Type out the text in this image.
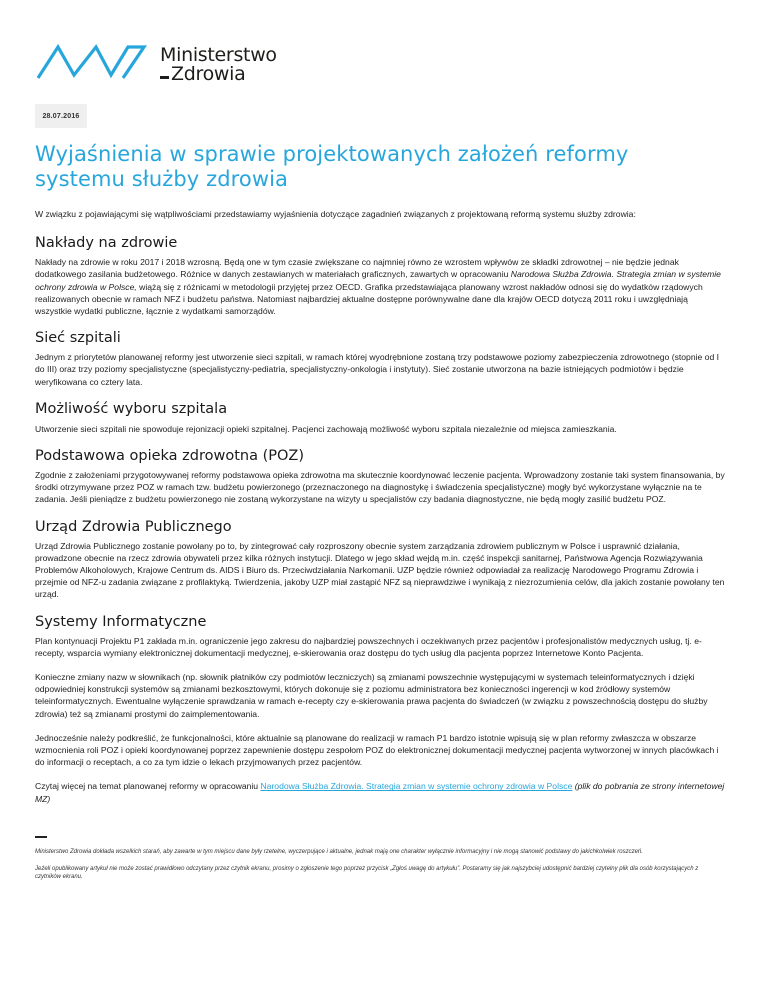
Ministerstwo
Zdrowia
28.07.2016
Wyjaśnienia w sprawie projektowanych założeń reformy systemu służby zdrowia

W związku z pojawiającymi się wątpliwościami przedstawiamy wyjaśnienia dotyczące zagadnień związanych z projektowaną reformą systemu służby zdrowia:

Nakłady na zdrowie

Nakłady na zdrowie w roku 2017 i 2018 wzrosną. Będą one w tym czasie zwiększane co najmniej równo ze wzrostem wpływów ze składki zdrowotnej – nie będzie jednak dodatkowego zasilania budżetowego. Różnice w danych zestawianych w materiałach graficznych, zawartych w opracowaniu Narodowa Służba Zdrowia. Strategia zmian w systemie ochrony zdrowia w Polsce, wiążą się z różnicami w metodologii przyjętej przez OECD. Grafika przedstawiająca planowany wzrost nakładów odnosi się do wydatków rządowych realizowanych obecnie w ramach NFZ i budżetu państwa. Natomiast najbardziej aktualne dostępne porównywalne dane dla krajów OECD dotyczą 2011 roku i uwzględniają wszystkie wydatki publiczne, łącznie z wydatkami samorządów.

Sieć szpitali

Jednym z priorytetów planowanej reformy jest utworzenie sieci szpitali, w ramach której wyodrębnione zostaną trzy podstawowe poziomy zabezpieczenia zdrowotnego (stopnie od I do III) oraz trzy poziomy specjalistyczne (specjalistyczny-pediatria, specjalistyczny-onkologia i instytuty). Sieć zostanie utworzona na bazie istniejących podmiotów i będzie weryfikowana co cztery lata.

Możliwość wyboru szpitala

Utworzenie sieci szpitali nie spowoduje rejonizacji opieki szpitalnej. Pacjenci zachowają możliwość wyboru szpitala niezależnie od miejsca zamieszkania.

Podstawowa opieka zdrowotna (POZ)

Zgodnie z założeniami przygotowywanej reformy podstawowa opieka zdrowotna ma skutecznie koordynować leczenie pacjenta. Wprowadzony zostanie taki system finansowania, by środki otrzymywane przez POZ w ramach tzw. budżetu powierzonego (przeznaczonego na diagnostykę i świadczenia specjalistyczne) mogły być wykorzystane wyłącznie na te zadania. Jeśli pieniądze z budżetu powierzonego nie zostaną wykorzystane na wizyty u specjalistów czy badania diagnostyczne, nie będą mogły zasilić budżetu POZ.

Urząd Zdrowia Publicznego

Urząd Zdrowia Publicznego zostanie powołany po to, by zintegrować cały rozproszony obecnie system zarządzania zdrowiem publicznym w Polsce i usprawnić działania, prowadzone obecnie na rzecz zdrowia obywateli przez kilka różnych instytucji. Dlatego w jego skład wejdą m.in. część inspekcji sanitarnej, Państwowa Agencja Rozwiązywania Problemów Alkoholowych, Krajowe Centrum ds. AIDS i Biuro ds. Przeciwdziałania Narkomanii. UZP będzie również odpowiadał za realizację Narodowego Programu Zdrowia i przejmie od NFZ-u zadania związane z profilaktyką. Twierdzenia, jakoby UZP miał zastąpić NFZ są nieprawdziwe i wynikają z niezrozumienia celów, dla jakich zostanie powołany ten urząd.

Systemy Informatyczne

Plan kontynuacji Projektu P1 zakłada m.in. ograniczenie jego zakresu do najbardziej powszechnych i oczekiwanych przez pacjentów i profesjonalistów medycznych usług, tj. e-recepty, wsparcia wymiany elektronicznej dokumentacji medycznej, e-skierowania oraz dostępu do tych usług dla pacjenta poprzez Internetowe Konto Pacjenta.

Konieczne zmiany nazw w słownikach (np. słownik płatników czy podmiotów leczniczych) są zmianami powszechnie występującymi w systemach teleinformatycznych i dzięki odpowiedniej konstrukcji systemów są zmianami bezkosztowymi, których dokonuje się z poziomu administratora bez konieczności ingerencji w kod źródłowy systemów teleinformatycznych. Ewentualne wyłączenie sprawdzania w ramach e-recepty czy e-skierowania prawa pacjenta do świadczeń (w związku z powszechnością dostępu do służby zdrowia) też są zmianami prostymi do zaimplementowania.

Jednocześnie należy podkreślić, że funkcjonalności, które aktualnie są planowane do realizacji w ramach P1 bardzo istotnie wpisują się w plan reformy zwłaszcza w obszarze wzmocnienia roli POZ i opieki koordynowanej poprzez zapewnienie dostępu zespołom POZ do elektronicznej dokumentacji medycznej pacjenta wytworzonej w innych placówkach i do informacji o receptach, a co za tym idzie o lekach przyjmowanych przez pacjentów.

Czytaj więcej na temat planowanej reformy w opracowaniu Narodowa Służba Zdrowia. Strategia zmian w systemie ochrony zdrowia w Polsce (plik do pobrania ze strony internetowej MZ)

Ministerstwo Zdrowia dokłada wszelkich starań, aby zawarte w tym miejscu dane były rzetelne, wyczerpujące i aktualne, jednak mają one charakter wyłącznie informacyjny i nie mogą stanowić podstawy do jakichkolwiek roszczeń.

Jeżeli opublikowany artykuł nie może zostać prawidłowo odczytany przez czytnik ekranu, prosimy o zgłoszenie tego poprzez przycisk „Zgłoś uwagę do artykułu”. Postaramy się jak najszybciej udostępnić bardziej czytelny plik dla osób korzystających z czytników ekranu.
